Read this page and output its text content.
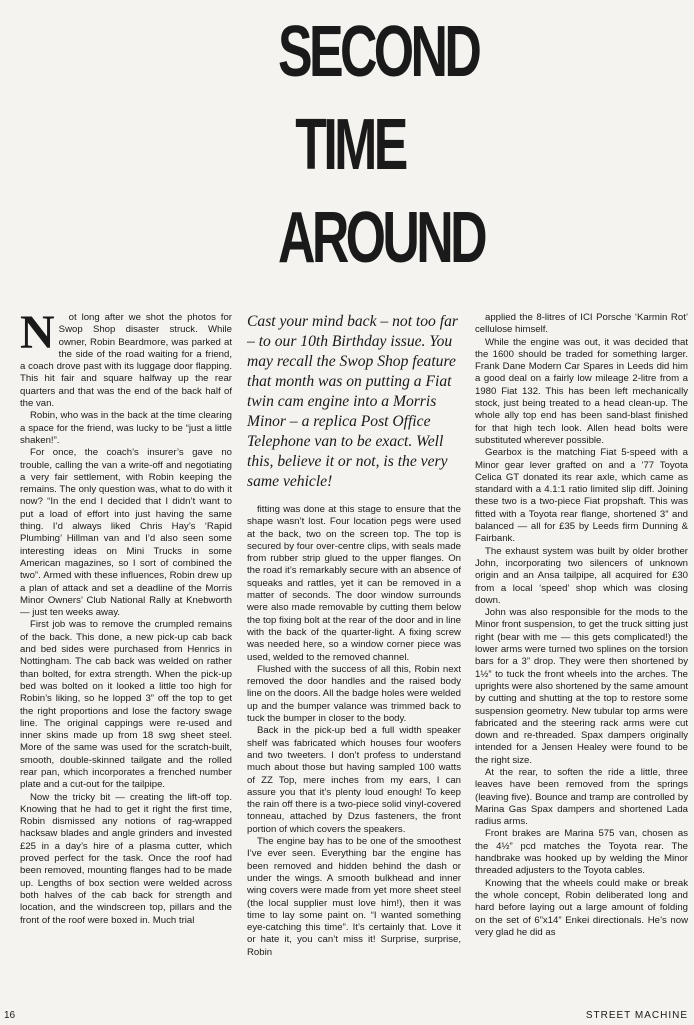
SECOND
TIME
AROUND

N ot long after we shot the photos for Swop Shop disaster struck. While owner, Robin Beardmore, was parked at the side of the road waiting for a friend, a coach drove past with its luggage door flapping. This hit fair and square halfway up the rear quarters and that was the end of the back half of the van.

Robin, who was in the back at the time clearing a space for the friend, was lucky to be “just a little shaken!”.

For once, the coach’s insurer’s gave no trouble, calling the van a write-off and negotiating a very fair settlement, with Robin keeping the remains. The only question was, what to do with it now? “In the end I decided that I didn’t want to put a load of effort into just having the same thing. I’d always liked Chris Hay’s ‘Rapid Plumbing’ Hillman van and I’d also seen some interesting ideas on Mini Trucks in some American magazines, so I sort of combined the two”. Armed with these influences, Robin drew up a plan of attack and set a deadline of the Morris Minor Owners’ Club National Rally at Knebworth — just ten weeks away.

First job was to remove the crumpled remains of the back. This done, a new pick-up cab back and bed sides were purchased from Henrics in Nottingham. The cab back was welded on rather than bolted, for extra strength. When the pick-up bed was bolted on it looked a little too high for Robin’s liking, so he lopped 3” off the top to get the right proportions and lose the factory swage line. The original cappings were re-used and inner skins made up from 18 swg sheet steel. More of the same was used for the scratch-built, smooth, double-skinned tailgate and the rolled rear pan, which incorporates a frenched number plate and a cut-out for the tailpipe.

Now the tricky bit — creating the lift-off top. Knowing that he had to get it right the first time, Robin dismissed any notions of rag-wrapped hacksaw blades and angle grinders and invested £25 in a day’s hire of a plasma cutter, which proved perfect for the task. Once the roof had been removed, mounting flanges had to be made up. Lengths of box section were welded across both halves of the cab back for strength and location, and the windscreen top, pillars and the front of the roof were boxed in. Much trial

Cast your mind back – not too far – to our 10th Birthday issue. You may recall the Swop Shop feature that month was on putting a Fiat twin cam engine into a Morris Minor – a replica Post Office Telephone van to be exact. Well this, believe it or not, is the very same vehicle!

fitting was done at this stage to ensure that the shape wasn’t lost. Four location pegs were used at the back, two on the screen top. The top is secured by four over-centre clips, with seals made from rubber strip glued to the upper flanges. On the road it’s remarkably secure with an absence of squeaks and rattles, yet it can be removed in a matter of seconds. The door window surrounds were also made removable by cutting them below the top fixing bolt at the rear of the door and in line with the back of the quarter-light. A fixing screw was needed here, so a window corner piece was used, welded to the removed channel.

Flushed with the success of all this, Robin next removed the door handles and the raised body line on the doors. All the badge holes were welded up and the bumper valance was trimmed back to tuck the bumper in closer to the body.

Back in the pick-up bed a full width speaker shelf was fabricated which houses four woofers and two tweeters. I don’t profess to understand much about those but having sampled 100 watts of ZZ Top, mere inches from my ears, I can assure you that it’s plenty loud enough! To keep the rain off there is a two-piece solid vinyl-covered tonneau, attached by Dzus fasteners, the front portion of which covers the speakers.

The engine bay has to be one of the smoothest I’ve ever seen. Everything bar the engine has been removed and hidden behind the dash or under the wings. A smooth bulkhead and inner wing covers were made from yet more sheet steel (the local supplier must love him!), then it was time to lay some paint on. “I wanted something eye-catching this time”. It’s certainly that. Love it or hate it, you can’t miss it! Surprise, surprise, Robin

applied the 8-litres of ICI Porsche ‘Karmin Rot’ cellulose himself.

While the engine was out, it was decided that the 1600 should be traded for something larger. Frank Dane Modern Car Spares in Leeds did him a good deal on a fairly low mileage 2-litre from a 1980 Fiat 132. This has been left mechanically stock, just being treated to a head clean-up. The whole ally top end has been sand-blast finished for that high tech look. Allen head bolts were substituted wherever possible.

Gearbox is the matching Fiat 5-speed with a Minor gear lever grafted on and a ’77 Toyota Celica GT donated its rear axle, which came as standard with a 4.1:1 ratio limited slip diff. Joining these two is a two-piece Fiat propshaft. This was fitted with a Toyota rear flange, shortened 3” and balanced — all for £35 by Leeds firm Dunning & Fairbank.

The exhaust system was built by older brother John, incorporating two silencers of unknown origin and an Ansa tailpipe, all acquired for £30 from a local ‘speed’ shop which was closing down.

John was also responsible for the mods to the Minor front suspension, to get the truck sitting just right (bear with me — this gets complicated!) the lower arms were turned two splines on the torsion bars for a 3” drop. They were then shortened by 1½” to tuck the front wheels into the arches. The uprights were also shortened by the same amount by cutting and shutting at the top to restore some suspension geometry. New tubular top arms were fabricated and the steering rack arms were cut down and re-threaded. Spax dampers originally intended for a Jensen Healey were found to be the right size.

At the rear, to soften the ride a little, three leaves have been removed from the springs (leaving five). Bounce and tramp are controlled by Marina Gas Spax dampers and shortened Lada radius arms.

Front brakes are Marina 575 van, chosen as the 4½” pcd matches the Toyota rear. The handbrake was hooked up by welding the Minor threaded adjusters to the Toyota cables.

Knowing that the wheels could make or break the whole concept, Robin deliberated long and hard before laying out a large amount of folding on the set of 6”x14” Enkei directionals. He’s now very glad he did as

16	STREET MACHINE
